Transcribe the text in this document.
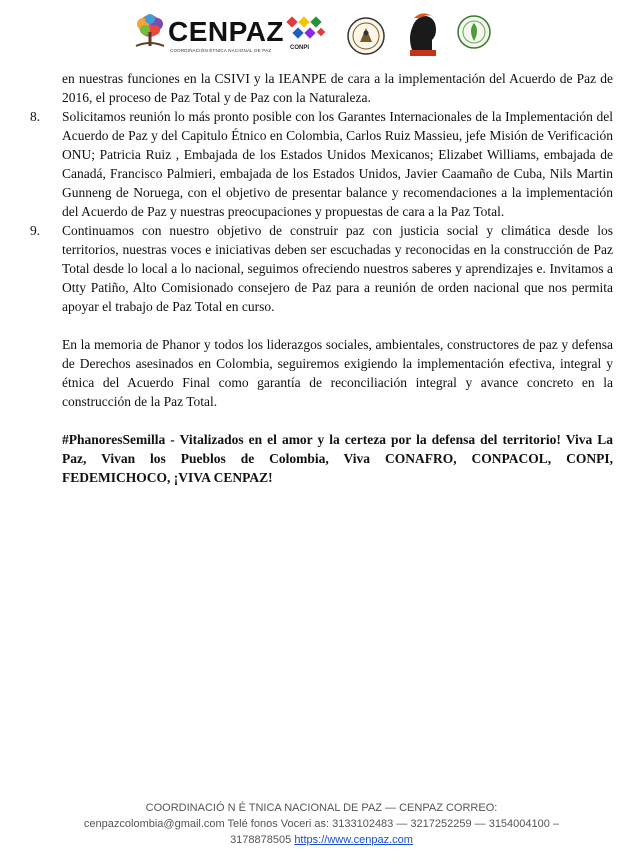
CENPAZ
COORDINACIÓN ÉTNICA NACIONAL DE PAZ	CONPI

en nuestras funciones en la CSIVI y la IEANPE de cara a la implementación del Acuerdo de Paz de 2016, el proceso de Paz Total y de Paz con la Naturaleza.

8.	Solicitamos reunión lo más pronto posible con los Garantes Internacionales de la Implementación del Acuerdo de Paz y del Capitulo Étnico en Colombia, Carlos Ruiz Massieu, jefe Misión de Verificación ONU; Patricia Ruiz , Embajada de los Estados Unidos Mexicanos; Elizabet Williams, embajada de Canadá, Francisco Palmieri, embajada de los Estados Unidos, Javier Caamaño de Cuba, Nils Martin Gunneng de Noruega, con el objetivo de presentar balance y recomendaciones a la implementación del Acuerdo de Paz y nuestras preocupaciones y propuestas de cara a la Paz Total.

9.	Continuamos con nuestro objetivo de construir paz con justicia social y climática desde los territorios, nuestras voces e iniciativas deben ser escuchadas y reconocidas en la construcción de Paz Total desde lo local a lo nacional, seguimos ofreciendo nuestros saberes y aprendizajes e. Invitamos a Otty Patiño, Alto Comisionado consejero de Paz para a reunión de orden nacional que nos permita apoyar el trabajo de Paz Total en curso.

En la memoria de Phanor y todos los liderazgos sociales, ambientales, constructores de paz y defensa de Derechos asesinados en Colombia, seguiremos exigiendo la implementación efectiva, integral y étnica del Acuerdo Final como garantía de reconciliación integral y avance concreto en la construcción de la Paz Total.

#PhanoresSemilla - Vitalizados en el amor y la certeza por la defensa del territorio! Viva La Paz, Vivan los Pueblos de Colombia, Viva CONAFRO, CONPACOL, CONPI, FEDEMICHOCO, ¡VIVA CENPAZ!

COORDINACIÓ N É TNICA NACIONAL DE PAZ — CENPAZ CORREO:
cenpazcolombia@gmail.com Telé fonos Voceri as: 3133102483 — 3217252259 — 3154004100 –
3178878505 https://www.cenpaz.com
